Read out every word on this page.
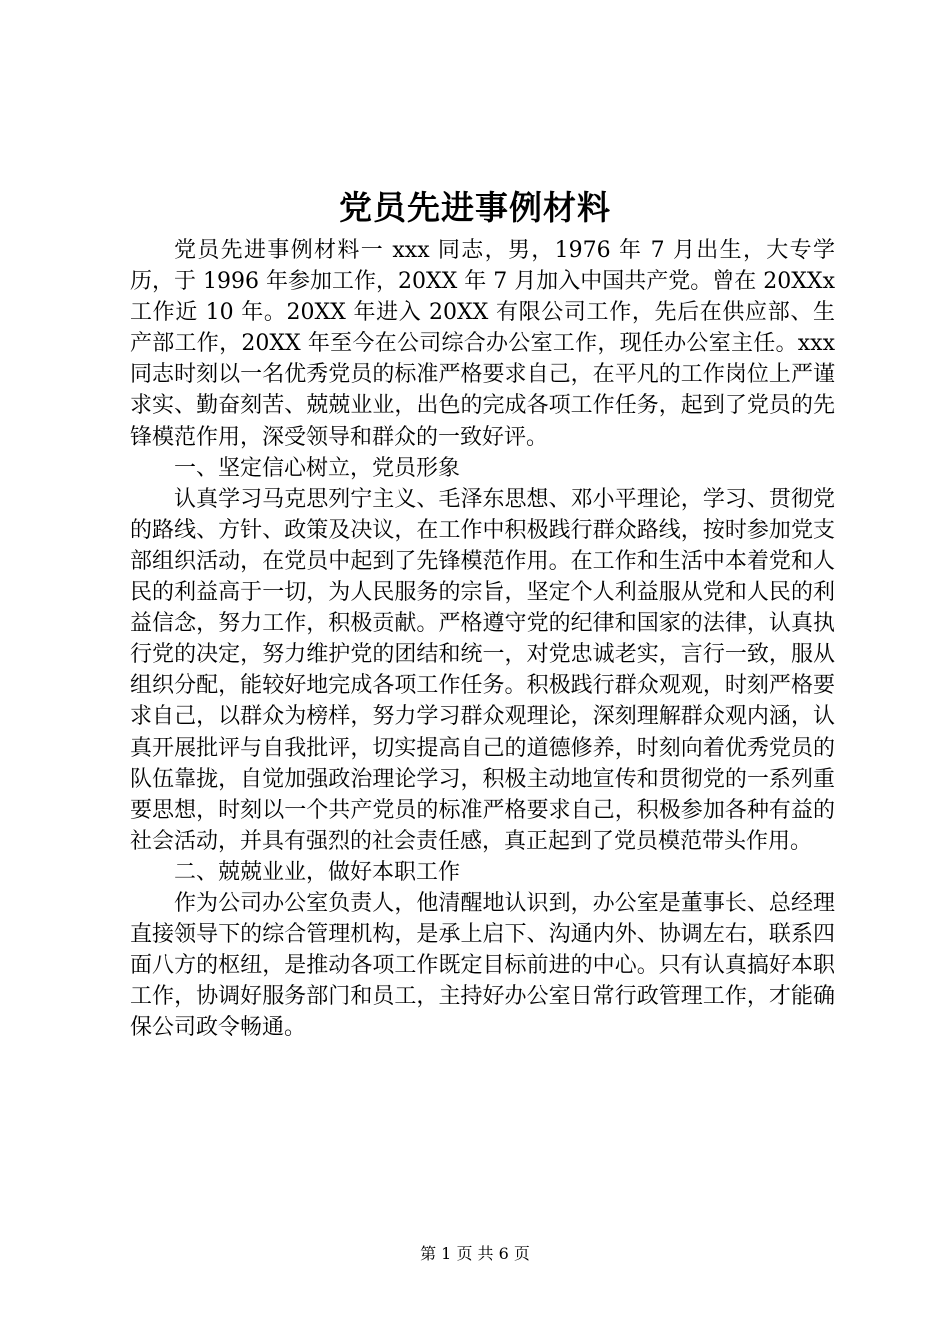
党员先进事例材料

党员先进事例材料一 xxx 同志，男，1976 年 7 月出生，大专学历，于 1996 年参加工作，20XX 年 7 月加入中国共产党。曾在 20XXx 工作近 10 年。20XX 年进入 20XX 有限公司工作，先后在供应部、生产部工作，20XX 年至今在公司综合办公室工作，现任办公室主任。xxx 同志时刻以一名优秀党员的标准严格要求自己，在平凡的工作岗位上严谨求实、勤奋刻苦、兢兢业业，出色的完成各项工作任务，起到了党员的先锋模范作用，深受领导和群众的一致好评。

一、坚定信心树立，党员形象

认真学习马克思列宁主义、毛泽东思想、邓小平理论，学习、贯彻党的路线、方针、政策及决议，在工作中积极践行群众路线，按时参加党支部组织活动，在党员中起到了先锋模范作用。在工作和生活中本着党和人民的利益高于一切，为人民服务的宗旨，坚定个人利益服从党和人民的利益信念，努力工作，积极贡献。严格遵守党的纪律和国家的法律，认真执行党的决定，努力维护党的团结和统一，对党忠诚老实，言行一致，服从组织分配，能较好地完成各项工作任务。积极践行群众观观，时刻严格要求自己，以群众为榜样，努力学习群众观理论，深刻理解群众观内涵，认真开展批评与自我批评，切实提高自己的道德修养，时刻向着优秀党员的队伍靠拢，自觉加强政治理论学习，积极主动地宣传和贯彻党的一系列重要思想，时刻以一个共产党员的标准严格要求自己，积极参加各种有益的社会活动，并具有强烈的社会责任感，真正起到了党员模范带头作用。

二、兢兢业业，做好本职工作

作为公司办公室负责人，他清醒地认识到，办公室是董事长、总经理直接领导下的综合管理机构，是承上启下、沟通内外、协调左右，联系四面八方的枢纽，是推动各项工作既定目标前进的中心。只有认真搞好本职工作，协调好服务部门和员工，主持好办公室日常行政管理工作，才能确保公司政令畅通。

第 1 页 共 6 页
